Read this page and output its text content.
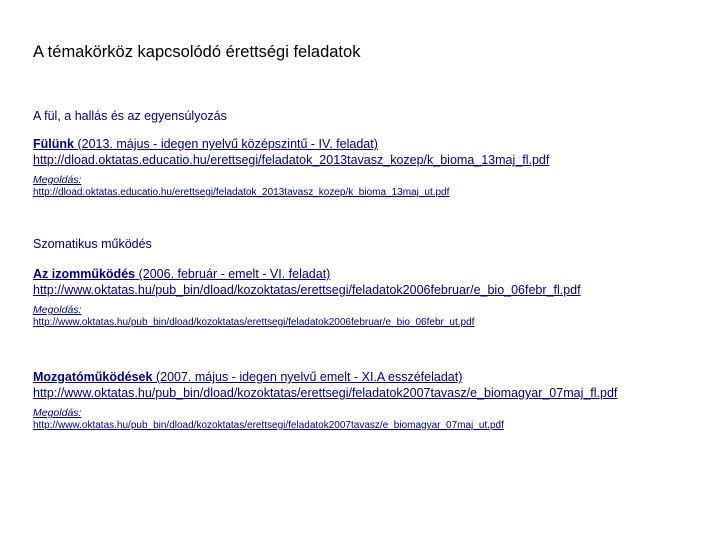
A témakörköz kapcsolódó érettségi feladatok
A fül, a hallás és az egyensúlyozás
Fülünk (2013. május - idegen nyelvű középszintű - IV. feladat)
http://dload.oktatas.educatio.hu/erettsegi/feladatok_2013tavasz_kozep/k_bioma_13maj_fl.pdf
Megoldás:
http://dload.oktatas.educatio.hu/erettsegi/feladatok_2013tavasz_kozep/k_bioma_13maj_ut.pdf
Szomatikus működés
Az izomműködés (2006. február - emelt - VI. feladat)
http://www.oktatas.hu/pub_bin/dload/kozoktatas/erettsegi/feladatok2006februar/e_bio_06febr_fl.pdf
Megoldás:
http://www.oktatas.hu/pub_bin/dload/kozoktatas/erettsegi/feladatok2006februar/e_bio_06febr_ut.pdf
Mozgatóműködések (2007. május - idegen nyelvű emelt - XI.A esszéfeladat)
http://www.oktatas.hu/pub_bin/dload/kozoktatas/erettsegi/feladatok2007tavasz/e_biomagyar_07maj_fl.pdf
Megoldás:
http://www.oktatas.hu/pub_bin/dload/kozoktatas/erettsegi/feladatok2007tavasz/e_biomagyar_07maj_ut.pdf
